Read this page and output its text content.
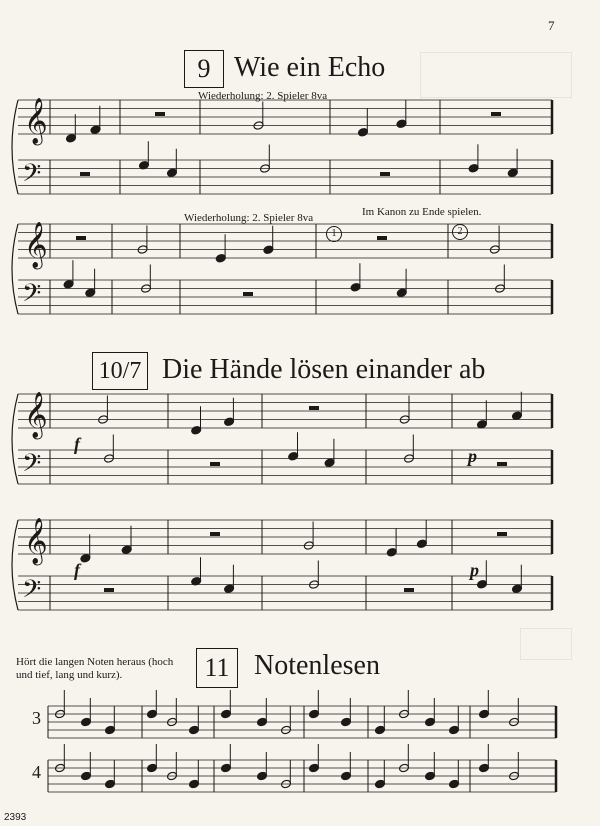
7
2393
9 Wie ein Echo
Wiederholung: 2. Spieler 8va
Wiederholung: 2. Spieler 8va	Im Kanon zu Ende spielen.
1	2
𝄞
𝄢
𝄞
𝄢
10/7 Die Hände lösen einander ab
𝄞
𝄢
𝄞
𝄢
f
p
f	p
Hört die langen Noten heraus (hoch und tief, lang und kurz).	11 Notenlesen
3
4
